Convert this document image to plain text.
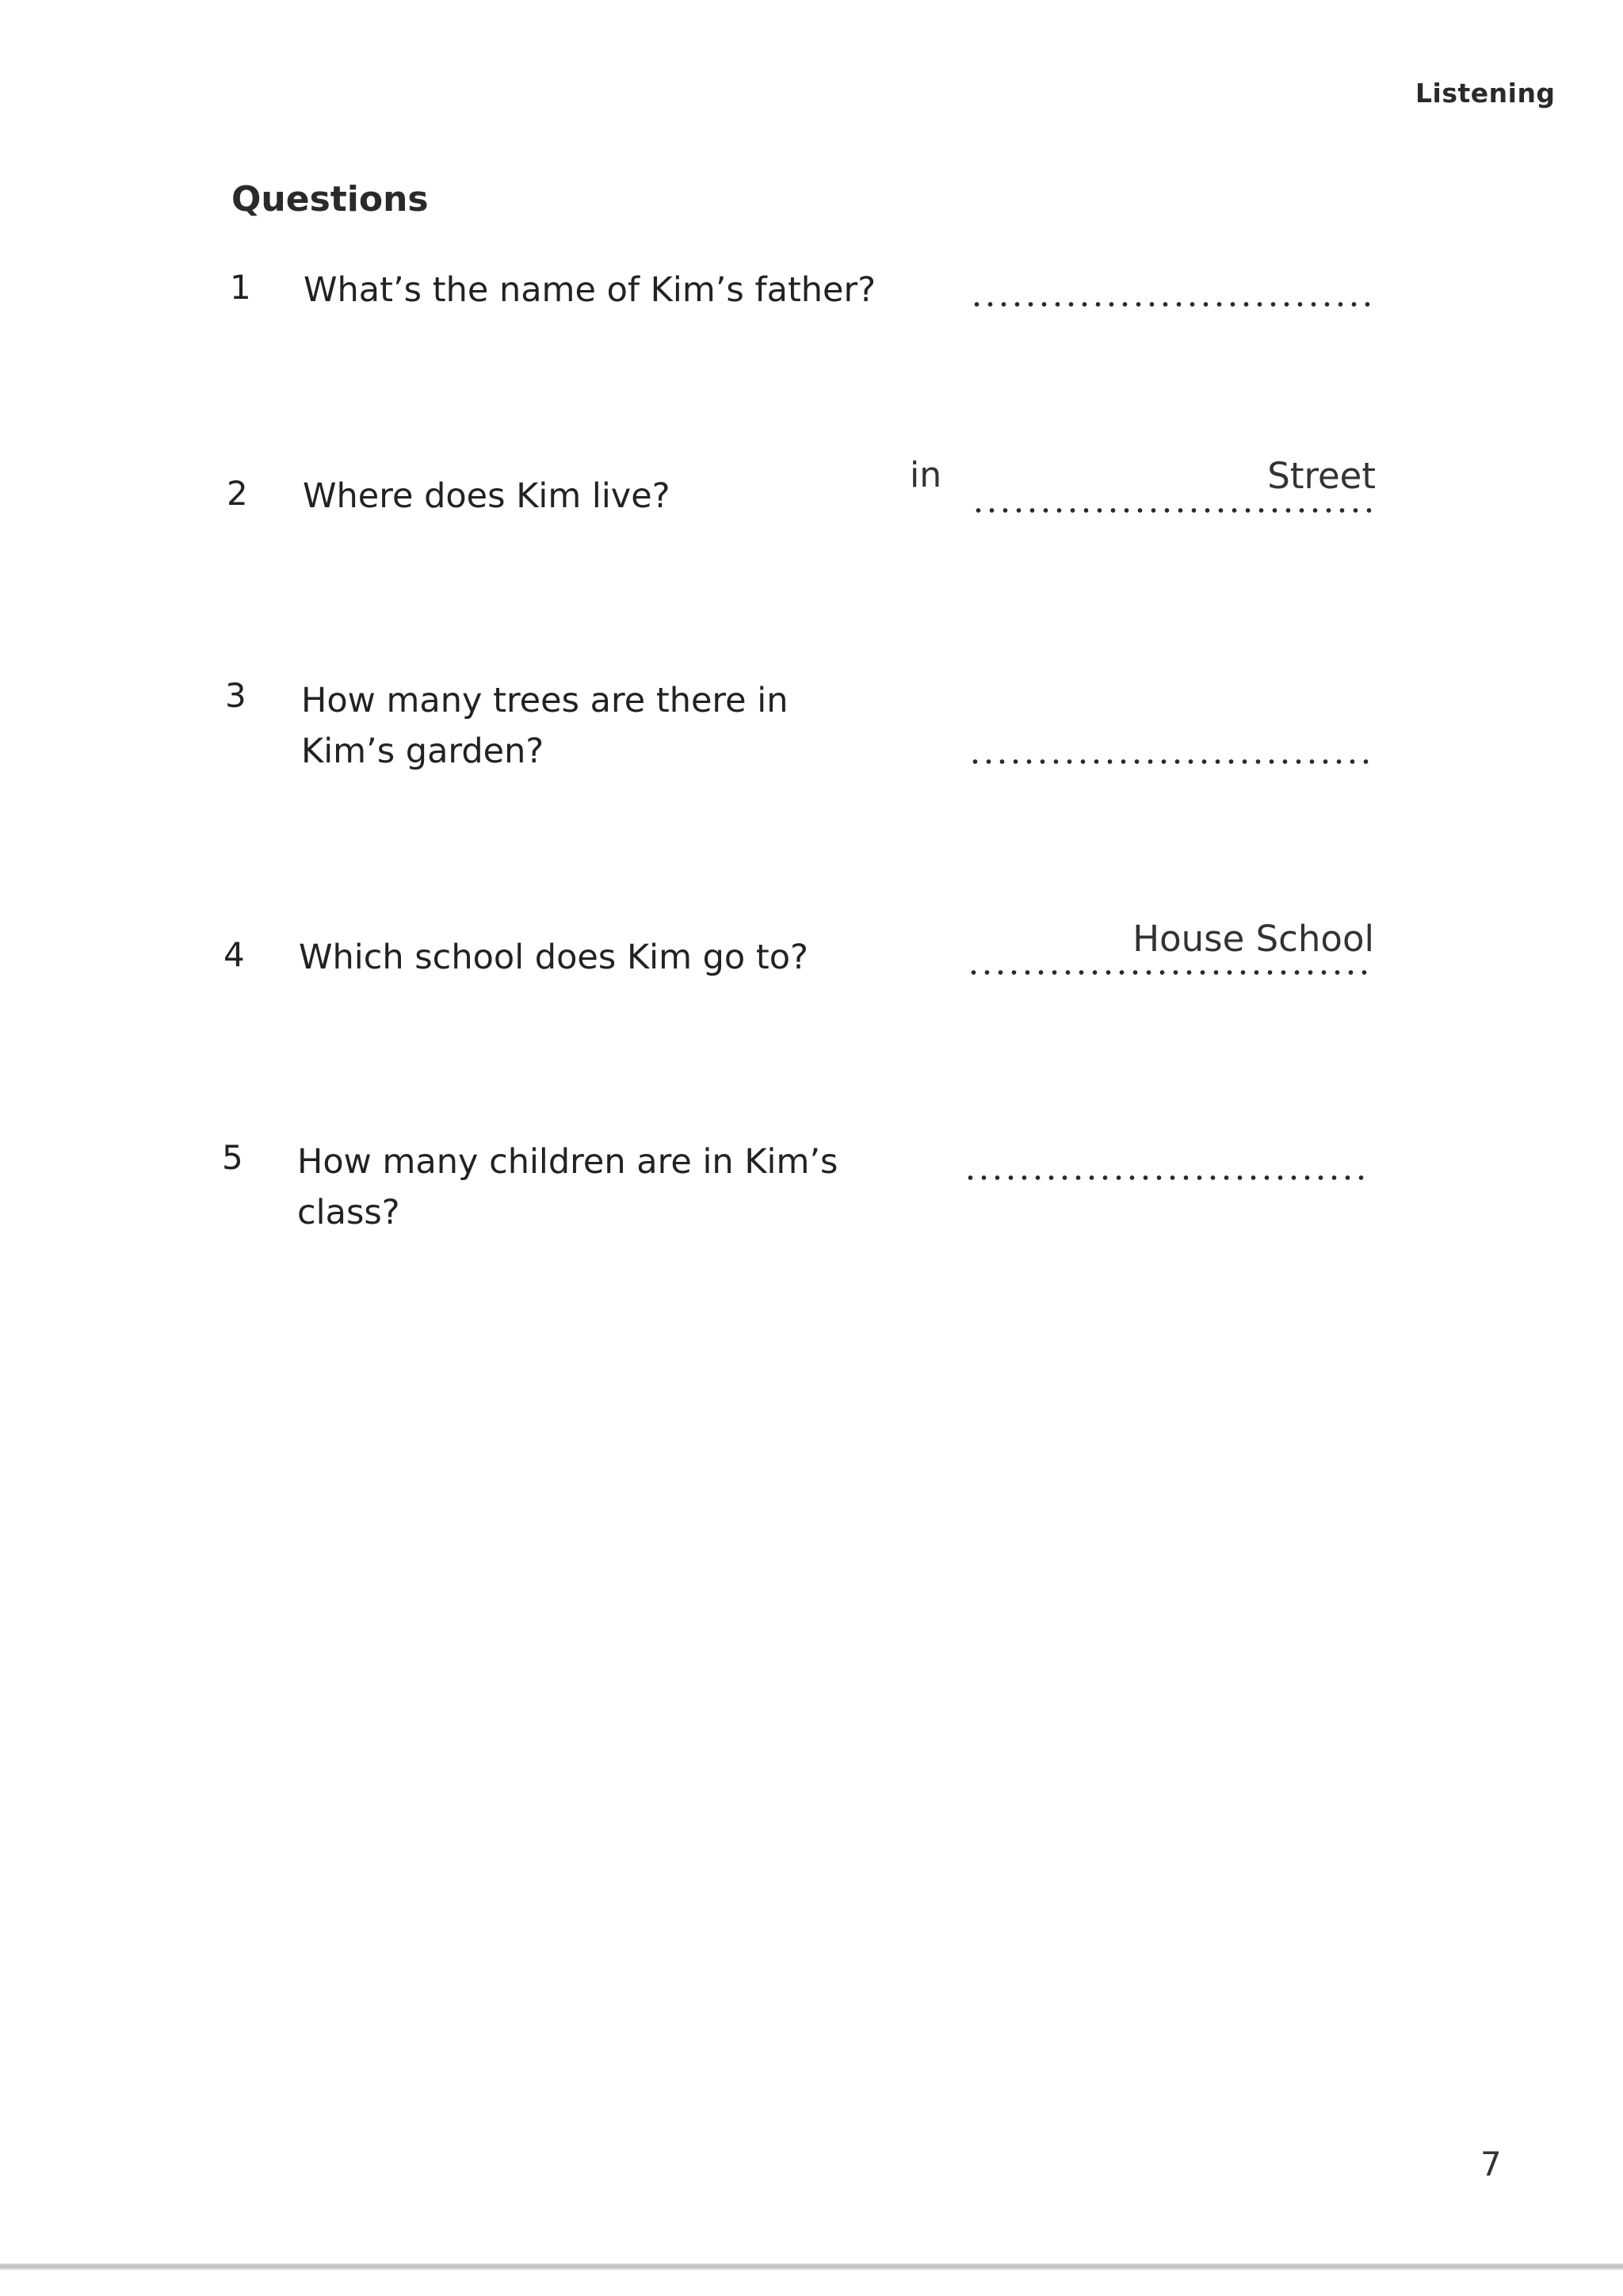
Listening
Questions
1 What’s the name of Kim’s father?
2 Where does Kim live?
in	Street
3 How many trees are there in Kim’s garden?
4 Which school does Kim go to?	House School
5 How many children are in Kim’s class?
7
